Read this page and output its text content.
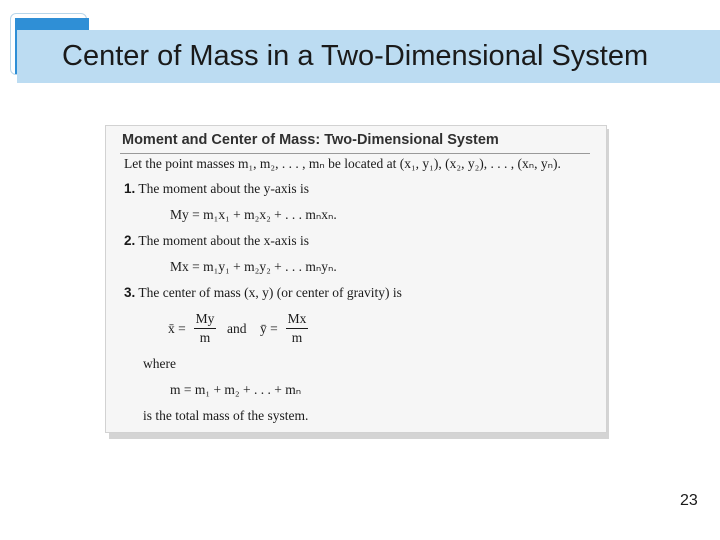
Center of Mass in a Two-Dimensional System
Moment and Center of Mass: Two-Dimensional System
Let the point masses m₁, m₂, . . . , mₙ be located at (x₁, y₁), (x₂, y₂), . . . , (xₙ, yₙ).
1. The moment about the y-axis is
My = m₁x₁ + m₂x₂ + . . . mₙxₙ.
2. The moment about the x-axis is
Mx = m₁y₁ + m₂y₂ + . . . mₙyₙ.
3. The center of mass (x, y) (or center of gravity) is
x̄ =
My
m
and ȳ =
Mx
m
where
m = m₁ + m₂ + . . . + mₙ
is the total mass of the system.
23
